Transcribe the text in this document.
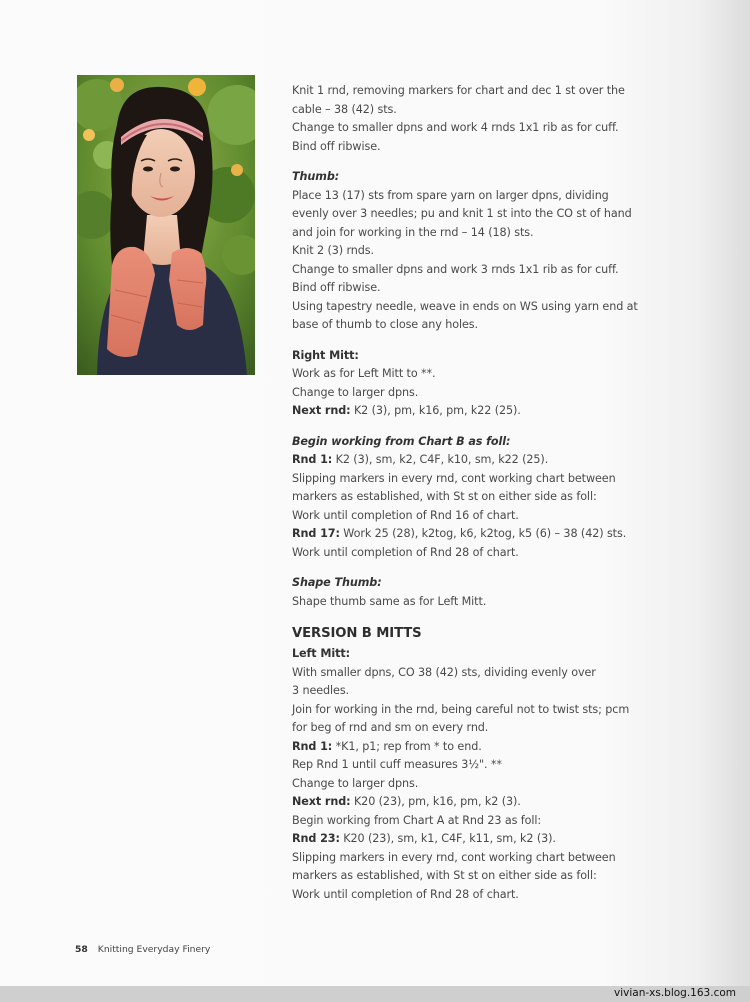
Knit 1 rnd, removing markers for chart and dec 1 st over the

cable – 38 (42) sts.

Change to smaller dpns and work 4 rnds 1x1 rib as for cuff.

Bind off ribwise.

Thumb:

Place 13 (17) sts from spare yarn on larger dpns, dividing

evenly over 3 needles; pu and knit 1 st into the CO st of hand

and join for working in the rnd – 14 (18) sts.

Knit 2 (3) rnds.

Change to smaller dpns and work 3 rnds 1x1 rib as for cuff.

Bind off ribwise.

Using tapestry needle, weave in ends on WS using yarn end at

base of thumb to close any holes.

Right Mitt:

Work as for Left Mitt to **.

Change to larger dpns.

Next rnd: K2 (3), pm, k16, pm, k22 (25).

Begin working from Chart B as foll:

Rnd 1: K2 (3), sm, k2, C4F, k10, sm, k22 (25).

Slipping markers in every rnd, cont working chart between

markers as established, with St st on either side as foll:

Work until completion of Rnd 16 of chart.

Rnd 17: Work 25 (28), k2tog, k6, k2tog, k5 (6) – 38 (42) sts.

Work until completion of Rnd 28 of chart.

Shape Thumb:

Shape thumb same as for Left Mitt.

VERSION B MITTS

Left Mitt:

With smaller dpns, CO 38 (42) sts, dividing evenly over

3 needles.

Join for working in the rnd, being careful not to twist sts; pcm

for beg of rnd and sm on every rnd.

Rnd 1: *K1, p1; rep from * to end.

Rep Rnd 1 until cuff measures 3½". **

Change to larger dpns.

Next rnd: K20 (23), pm, k16, pm, k2 (3).

Begin working from Chart A at Rnd 23 as foll:

Rnd 23: K20 (23), sm, k1, C4F, k11, sm, k2 (3).

Slipping markers in every rnd, cont working chart between

markers as established, with St st on either side as foll:

Work until completion of Rnd 28 of chart.

58 Knitting Everyday Finery
vivian-xs.blog.163.com
